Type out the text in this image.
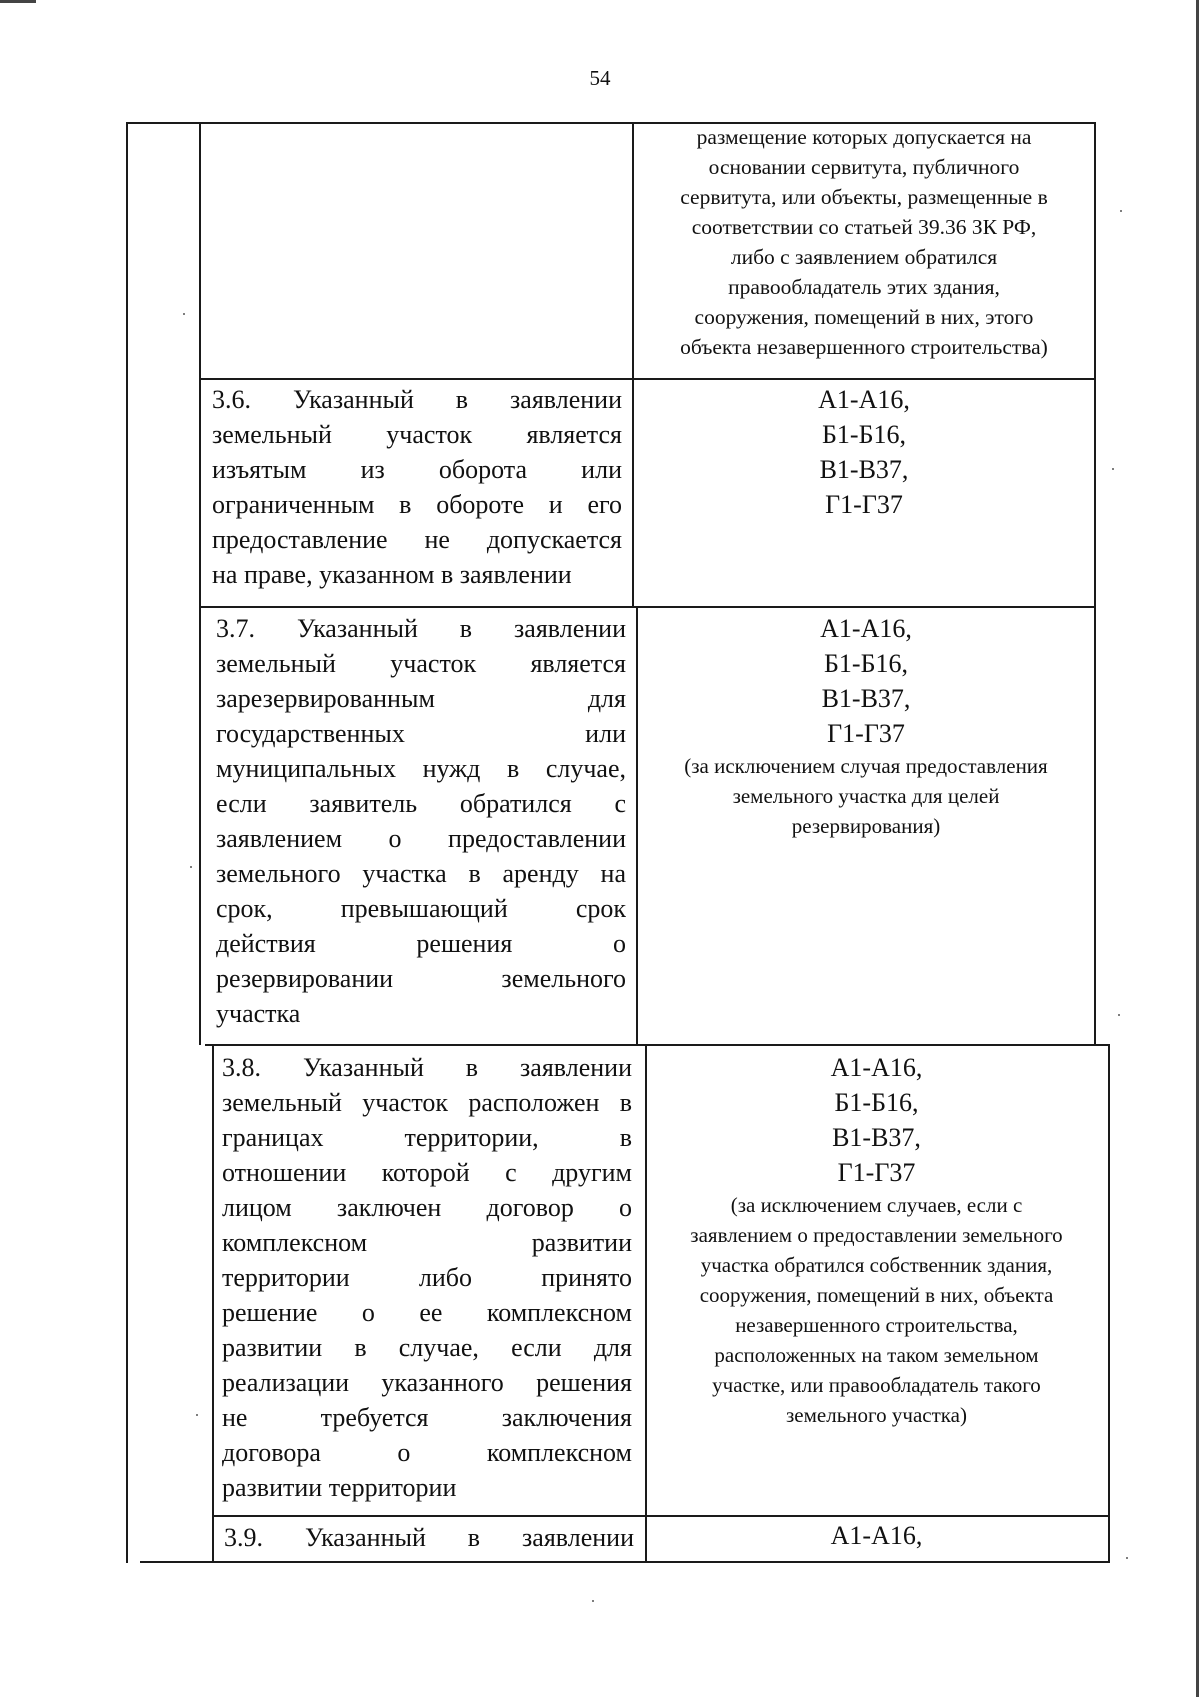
54

размещение которых допускается на
основании сервитута, публичного
сервитута, или объекты, размещенные в
соответствии со статьей 39.36 ЗК РФ,
либо с заявлением обратился
правообладатель этих здания,
сооружения, помещений в них, этого
объекта незавершенного строительства)

3.6. Указанный в заявлении
земельный участок является
изъятым из оборота или
ограниченным в обороте и его
предоставление не допускается
на праве, указанном в заявлении

А1-А16,
Б1-Б16,
В1-В37,
Г1-Г37

3.7. Указанный в заявлении
земельный участок является
зарезервированным для
государственных или
муниципальных нужд в случае,
если заявитель обратился с
заявлением о предоставлении
земельного участка в аренду на
срок, превышающий срок
действия решения о
резервировании земельного
участка

А1-А16,
Б1-Б16,
В1-В37,
Г1-Г37

(за исключением случая предоставления
земельного участка для целей
резервирования)

3.8. Указанный в заявлении
земельный участок расположен в
границах территории, в
отношении которой с другим
лицом заключен договор о
комплексном развитии
территории либо принято
решение о ее комплексном
развитии в случае, если для
реализации указанного решения
не требуется заключения
договора о комплексном
развитии территории

А1-А16,
Б1-Б16,
В1-В37,
Г1-Г37

(за исключением случаев, если с
заявлением о предоставлении земельного
участка обратился собственник здания,
сооружения, помещений в них, объекта
незавершенного строительства,
расположенных на таком земельном
участке, или правообладатель такого
земельного участка)

3.9. Указанный в заявлении	А1-А16,
